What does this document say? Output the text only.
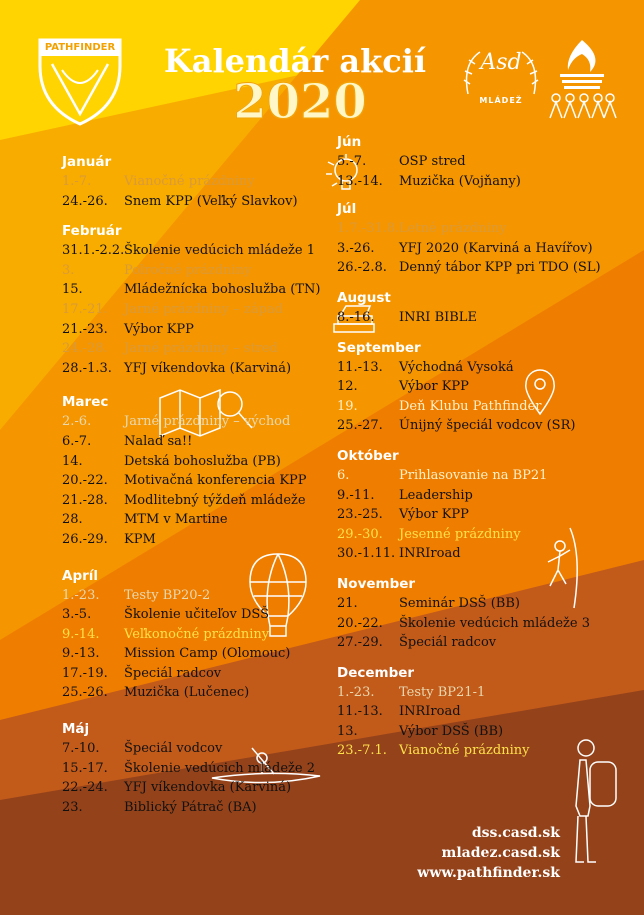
PATHFINDER	Kalendár akcií
2020
Asd
MLÁDEŽ
Január
1.-7.	Vianočné prázdniny
24.-26. Snem KPP (Veľký Slavkov)
Február
31.1.-2.2. Školenie vedúcich mládeže 1
3.	Polročné prázdniny
15.	Mládežnícka bohoslužba (TN)
17.-21. Jarné prázdniny – západ
21.-23. Výbor KPP
24.-28. Jarné prázdniny – stred
28.-1.3. YFJ víkendovka (Karviná)
Marec
2.-6.	Jarné prázdniny – východ
6.-7.	Nalaď sa!!
14.	Detská bohoslužba (PB)
20.-22. Motivačná konferencia KPP
21.-28. Modlitebný týždeň mládeže
28.	MTM v Martine
26.-29. KPM
Apríl
1.-23. Testy BP20-2
3.-5.	Školenie učiteľov DSŠ
9.-14. Veľkonočné prázdniny
9.-13. Mission Camp (Olomouc)
17.-19. Špeciál radcov
25.-26. Muzička (Lučenec)
Máj
7.-10. Špeciál vodcov
15.-17. Školenie vedúcich mládeže 2
22.-24. YFJ víkendovka (Karviná)
23.	Biblický Pátrač (BA)
Jún
5.-7.	OSP stred
13.-14. Muzička (Vojňany)
Júl
1.7.-31.8. Letné prázdniny
3.-26. YFJ 2020 (Karviná a Havířov)
26.-2.8. Denný tábor KPP pri TDO (SL)
August
8.-16. INRI BIBLE
September
11.-13. Východná Vysoká
12.	Výbor KPP
19.	Deň Klubu Pathfinder
25.-27. Únijný špeciál vodcov (SR)
Október
6.	Prihlasovanie na BP21
9.-11. Leadership
23.-25. Výbor KPP
29.-30. Jesenné prázdniny
30.-1.11. INRIroad
November
21.	Seminár DSŠ (BB)
20.-22. Školenie vedúcich mládeže 3
27.-29. Špeciál radcov
December
1.-23. Testy BP21-1
11.-13. INRIroad
13.	Výbor DSŠ (BB)
23.-7.1. Vianočné prázdniny
dss.casd.sk
mladez.casd.sk
www.pathfinder.sk
